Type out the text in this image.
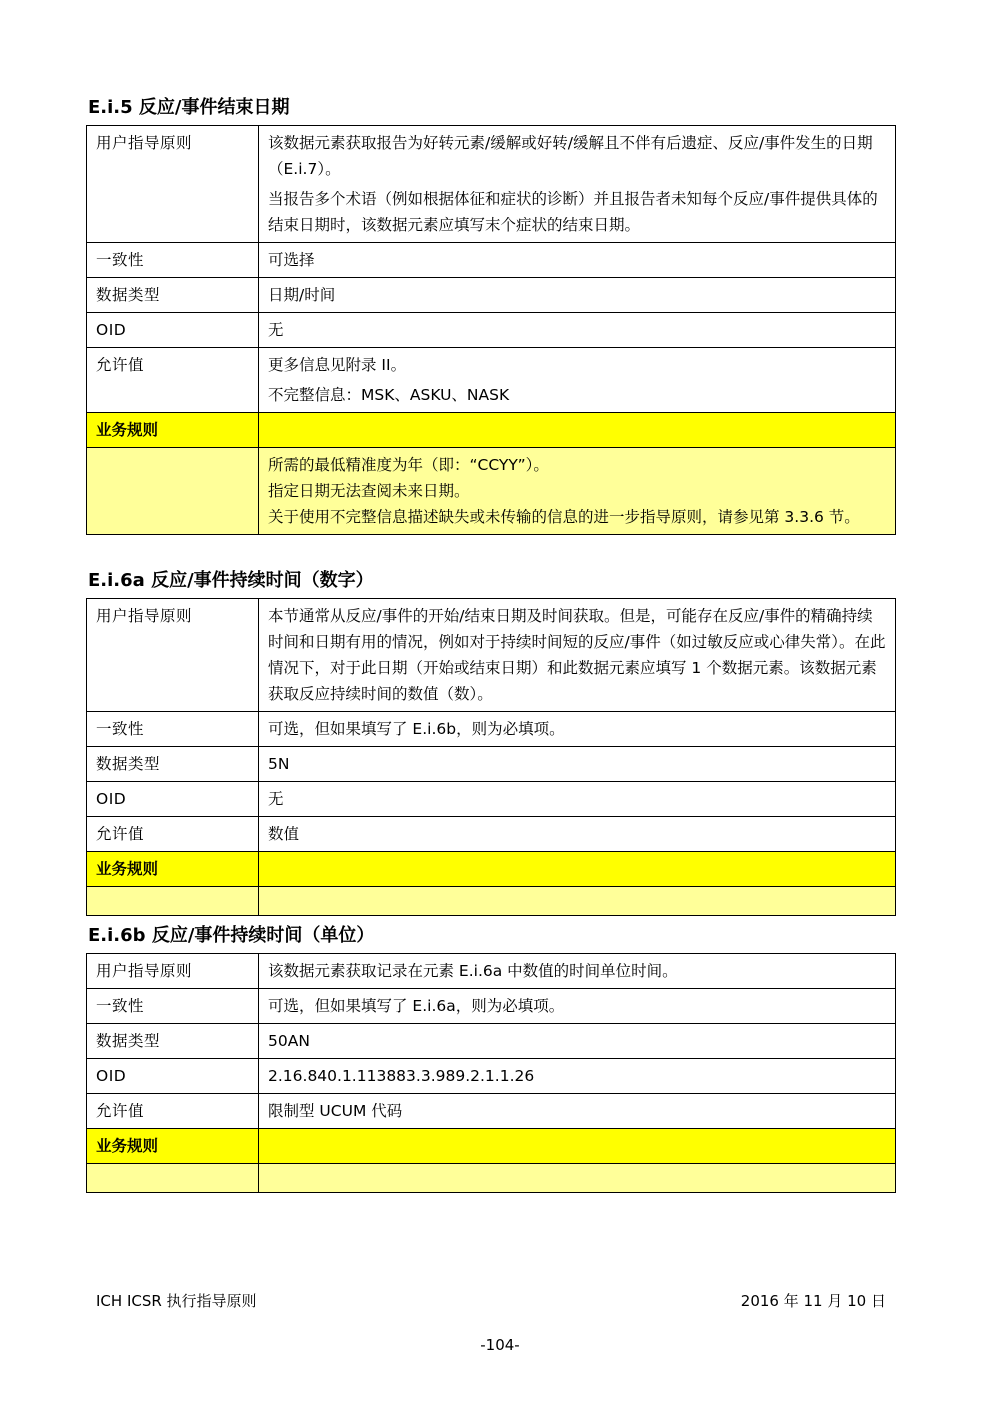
E.i.5 反应/事件结束日期
用户指导原则	该数据元素获取报告为好转元素/缓解或好转/缓解且不伴有后遗症、反应/事件发生的日期（E.i.7）。

当报告多个术语（例如根据体征和症状的诊断）并且报告者未知每个反应/事件提供具体的结束日期时，该数据元素应填写末个症状的结束日期。

一致性	可选择
数据类型	日期/时间
OID	无
允许值	更多信息见附录 II。

不完整信息：MSK、ASKU、NASK

业务规则	

	所需的最低精准度为年（即：“CCYY”）。

指定日期无法查阅未来日期。

关于使用不完整信息描述缺失或未传输的信息的进一步指导原则，请参见第 3.3.6 节。

E.i.6a 反应/事件持续时间（数字）
用户指导原则	本节通常从反应/事件的开始/结束日期及时间获取。但是，可能存在反应/事件的精确持续时间和日期有用的情况，例如对于持续时间短的反应/事件（如过敏反应或心律失常）。在此情况下，对于此日期（开始或结束日期）和此数据元素应填写 1 个数据元素。该数据元素获取反应持续时间的数值（数）。
一致性	可选，但如果填写了 E.i.6b，则为必填项。
数据类型	5N
OID	无
允许值	数值
业务规则	

E.i.6b 反应/事件持续时间（单位）
用户指导原则	该数据元素获取记录在元素 E.i.6a 中数值的时间单位时间。
一致性	可选，但如果填写了 E.i.6a，则为必填项。
数据类型	50AN
OID	2.16.840.1.113883.3.989.2.1.1.26
允许值	限制型 UCUM 代码
业务规则	

ICH ICSR 执行指导原则	2016 年 11 月 10 日
-104-
